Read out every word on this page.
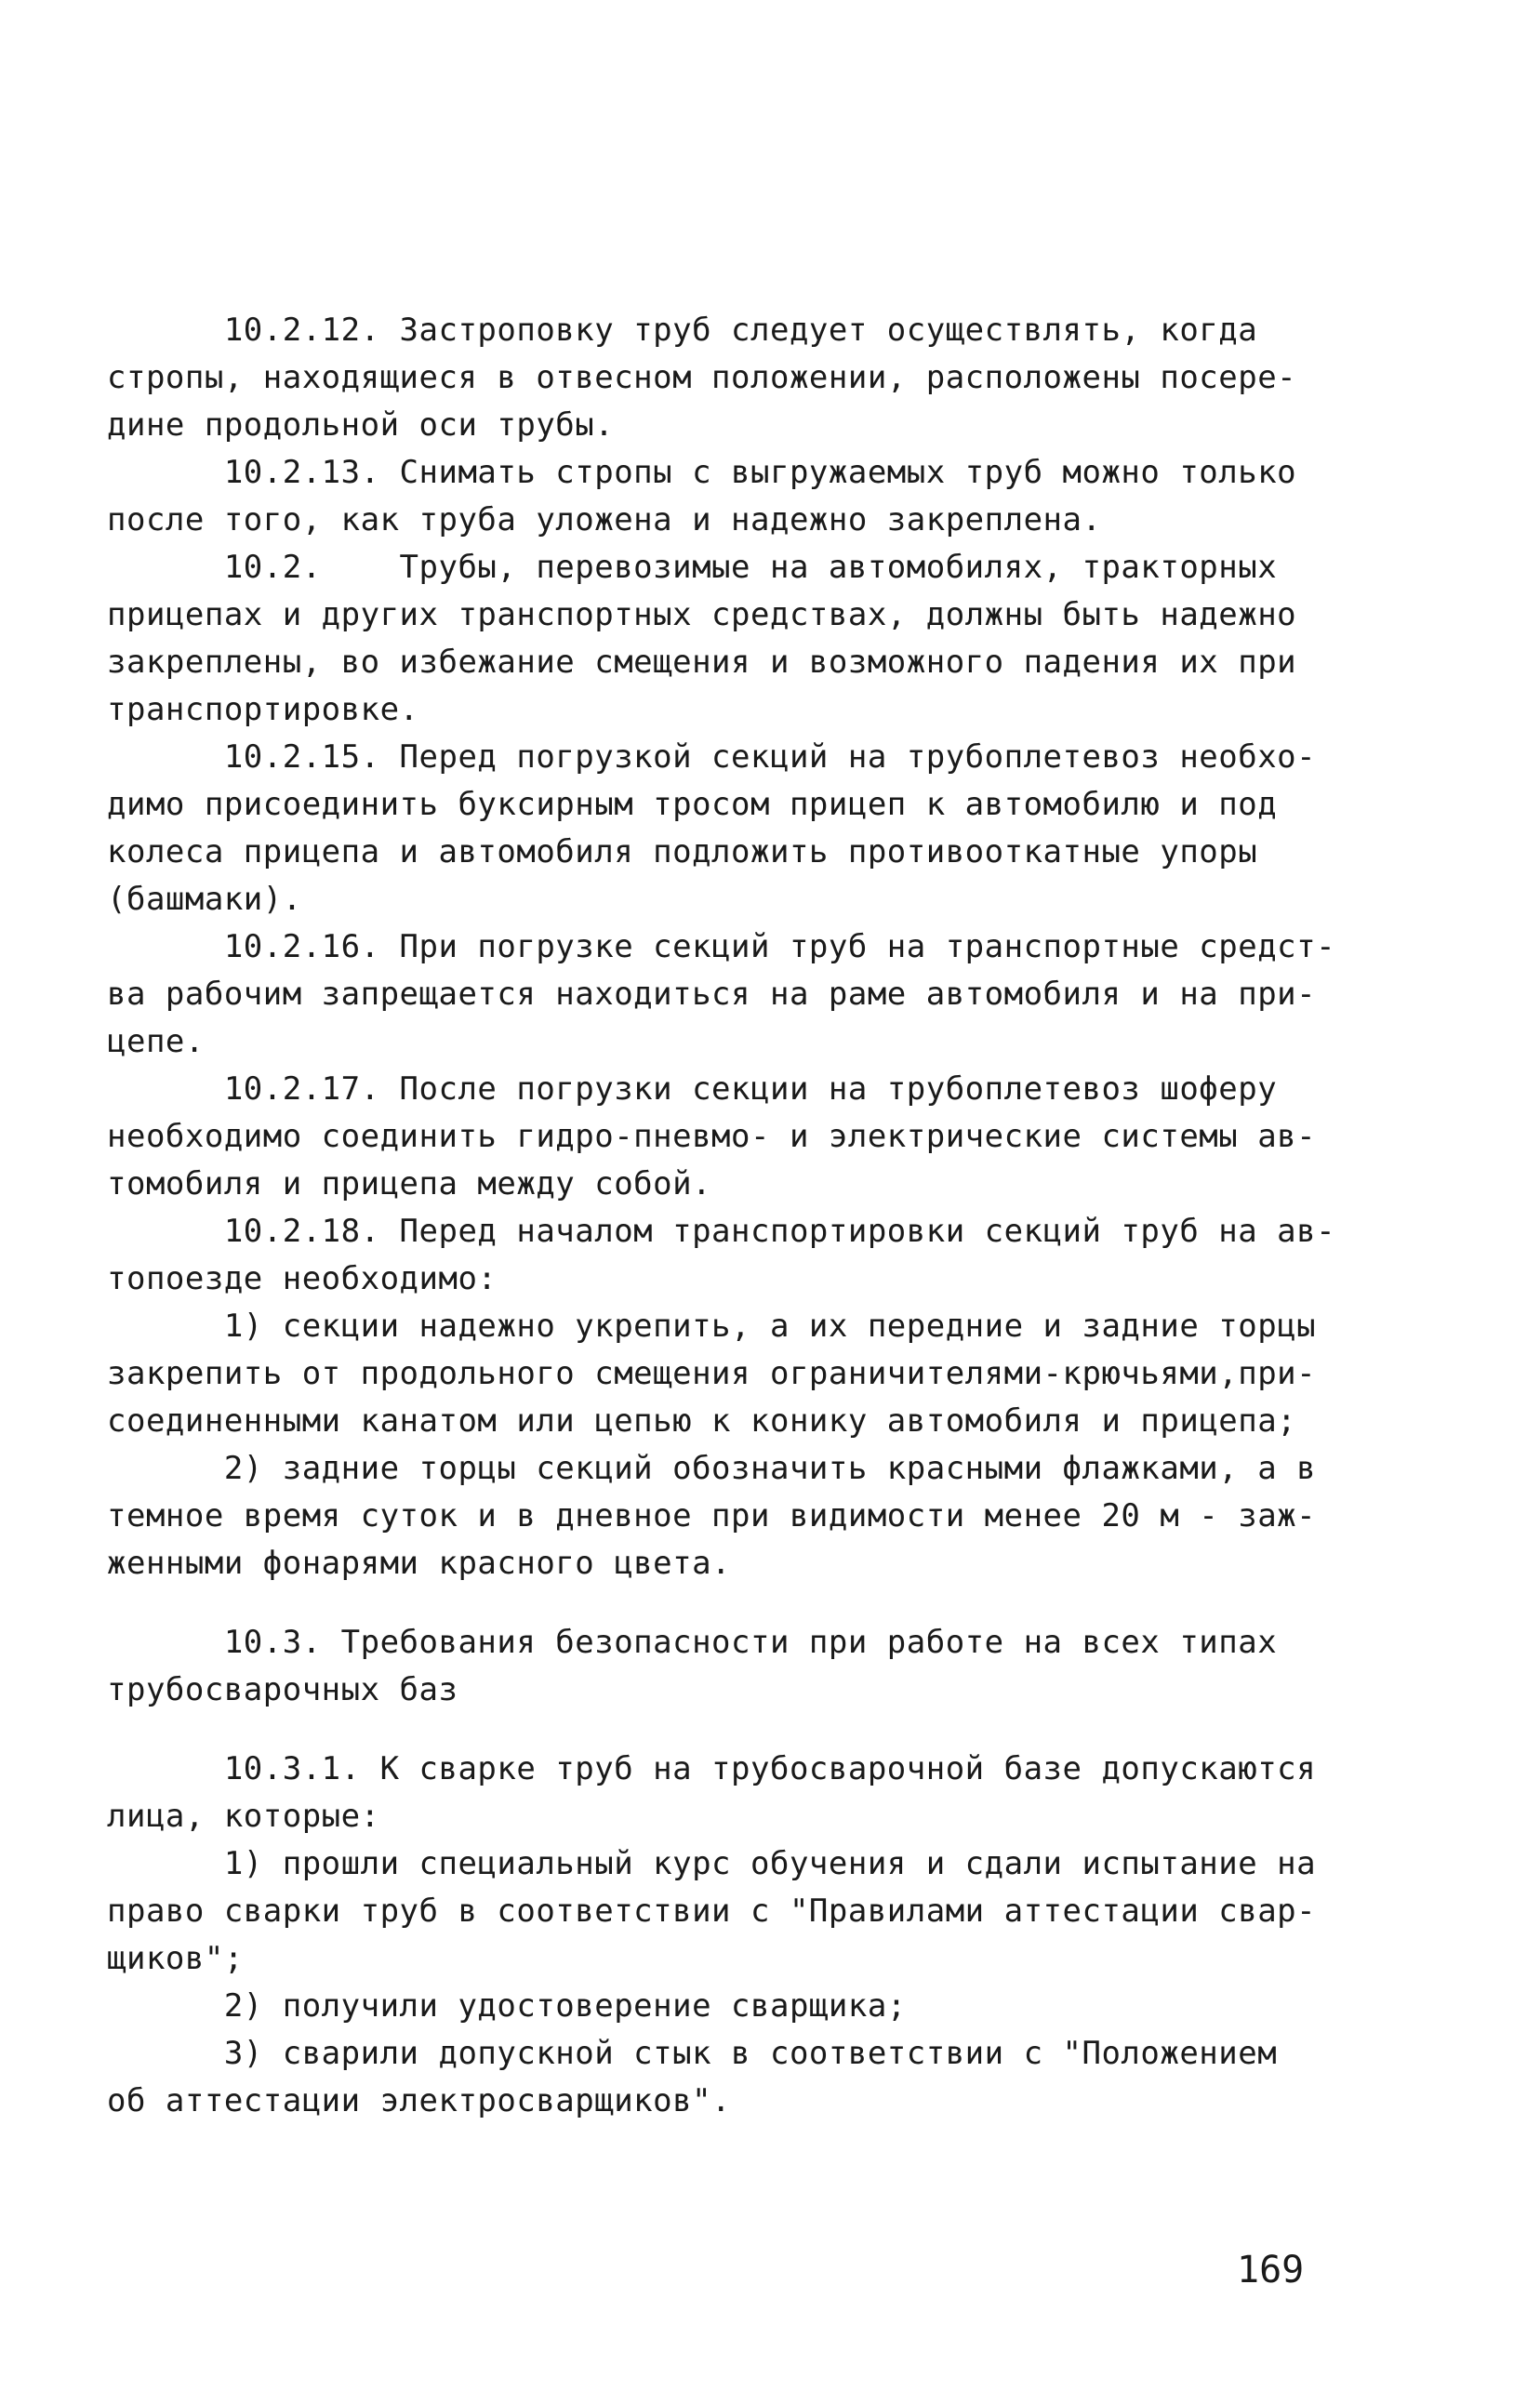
10.2.12. Застроповку труб следует осуществлять, когда
стропы, находящиеся в отвесном положении, расположены посере-
дине продольной оси трубы.
10.2.13. Снимать стропы с выгружаемых труб можно только
после того, как труба уложена и надежно закреплена.
10.2.    Трубы, перевозимые на автомобилях, тракторных
прицепах и других транспортных средствах, должны быть надежно
закреплены, во избежание смещения и возможного падения их при
транспортировке.
10.2.15. Перед погрузкой секций на трубоплетевоз необхо-
димо присоединить буксирным тросом прицеп к автомобилю и под
колеса прицепа и автомобиля подложить противооткатные упоры
(башмаки).
10.2.16. При погрузке секций труб на транспортные средст-
ва рабочим запрещается находиться на раме автомобиля и на при-
цепе.
10.2.17. После погрузки секции на трубоплетевоз шоферу
необходимо соединить гидро-пневмо- и электрические системы ав-
томобиля и прицепа между собой.
10.2.18. Перед началом транспортировки секций труб на ав-
топоезде необходимо:
1) секции надежно укрепить, а их передние и задние торцы
закрепить от продольного смещения ограничителями-крючьями,при-
соединенными канатом или цепью к конику автомобиля и прицепа;
2) задние торцы секций обозначить красными флажками, а в
темное время суток и в дневное при видимости менее 20 м - заж-
женными фонарями красного цвета.
10.3. Требования безопасности при работе на всех типах
трубосварочных баз
10.3.1. К сварке труб на трубосварочной базе допускаются
лица, которые:
1) прошли специальный курс обучения и сдали испытание на
право сварки труб в соответствии с "Правилами аттестации свар-
щиков";
2) получили удостоверение сварщика;
3) сварили допускной стык в соответствии с "Положением
об аттестации электросварщиков".
169
